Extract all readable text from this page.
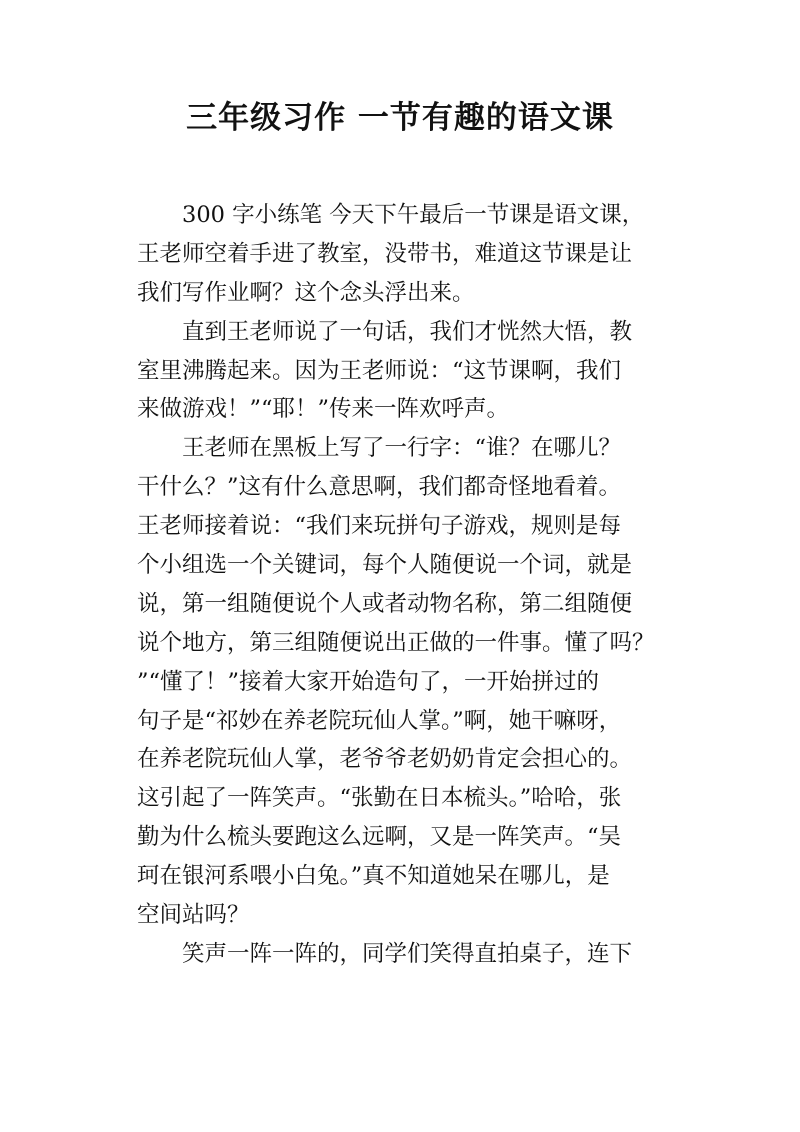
三年级习作 一节有趣的语文课
300 字小练笔 今天下午最后一节课是语文课，
王老师空着手进了教室，没带书，难道这节课是让
我们写作业啊？这个念头浮出来。
直到王老师说了一句话，我们才恍然大悟，教
室里沸腾起来。因为王老师说：“这节课啊，我们
来做游戏！”“耶！”传来一阵欢呼声。
王老师在黑板上写了一行字：“谁？在哪儿？
干什么？”这有什么意思啊，我们都奇怪地看着。
王老师接着说：“我们来玩拼句子游戏，规则是每
个小组选一个关键词，每个人随便说一个词，就是
说，第一组随便说个人或者动物名称，第二组随便
说个地方，第三组随便说出正做的一件事。懂了吗？
”“懂了！”接着大家开始造句了，一开始拼过的
句子是“祁妙在养老院玩仙人掌。”啊，她干嘛呀，
在养老院玩仙人掌，老爷爷老奶奶肯定会担心的。
这引起了一阵笑声。“张勤在日本梳头。”哈哈，张
勤为什么梳头要跑这么远啊，又是一阵笑声。“吴
珂在银河系喂小白兔。”真不知道她呆在哪儿，是
空间站吗？
笑声一阵一阵的，同学们笑得直拍桌子，连下
